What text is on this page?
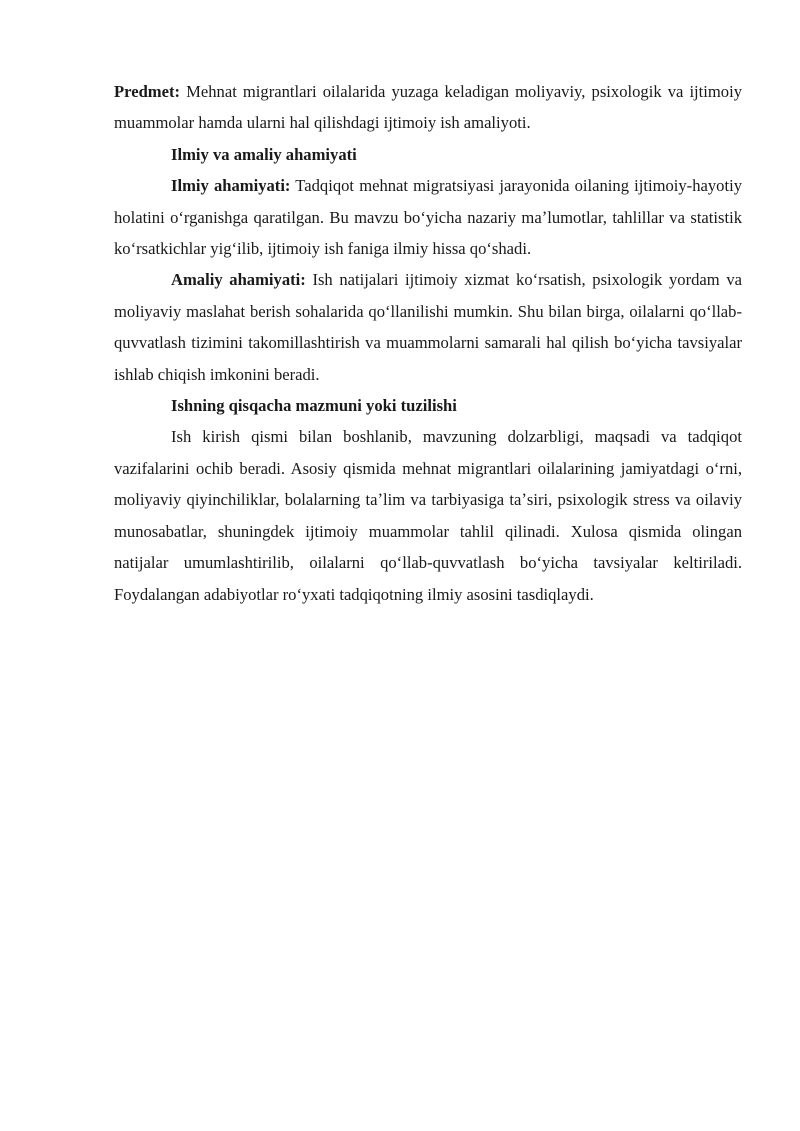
Predmet: Mehnat migrantlari oilalarida yuzaga keladigan moliyaviy, psixologik va ijtimoiy muammolar hamda ularni hal qilishdagi ijtimoiy ish amaliyoti.

Ilmiy va amaliy ahamiyati

Ilmiy ahamiyati: Tadqiqot mehnat migratsiyasi jarayonida oilaning ijtimoiy-hayotiy holatini oʻrganishga qaratilgan. Bu mavzu boʻyicha nazariy maʼlumotlar, tahlillar va statistik koʻrsatkichlar yigʻilib, ijtimoiy ish faniga ilmiy hissa qoʻshadi.

Amaliy ahamiyati: Ish natijalari ijtimoiy xizmat koʻrsatish, psixologik yordam va moliyaviy maslahat berish sohalarida qoʻllanilishi mumkin. Shu bilan birga, oilalarni qoʻllab-quvvatlash tizimini takomillashtirish va muammolarni samarali hal qilish boʻyicha tavsiyalar ishlab chiqish imkonini beradi.

Ishning qisqacha mazmuni yoki tuzilishi

Ish kirish qismi bilan boshlanib, mavzuning dolzarbligi, maqsadi va tadqiqot vazifalarini ochib beradi. Asosiy qismida mehnat migrantlari oilalarining jamiyatdagi oʻrni, moliyaviy qiyinchiliklar, bolalarning taʼlim va tarbiyasiga taʼsiri, psixologik stress va oilaviy munosabatlar, shuningdek ijtimoiy muammolar tahlil qilinadi. Xulosa qismida olingan natijalar umumlashtirilib, oilalarni qoʻllab-quvvatlash boʻyicha tavsiyalar keltiriladi. Foydalangan adabiyotlar roʻyxati tadqiqotning ilmiy asosini tasdiqlaydi.
